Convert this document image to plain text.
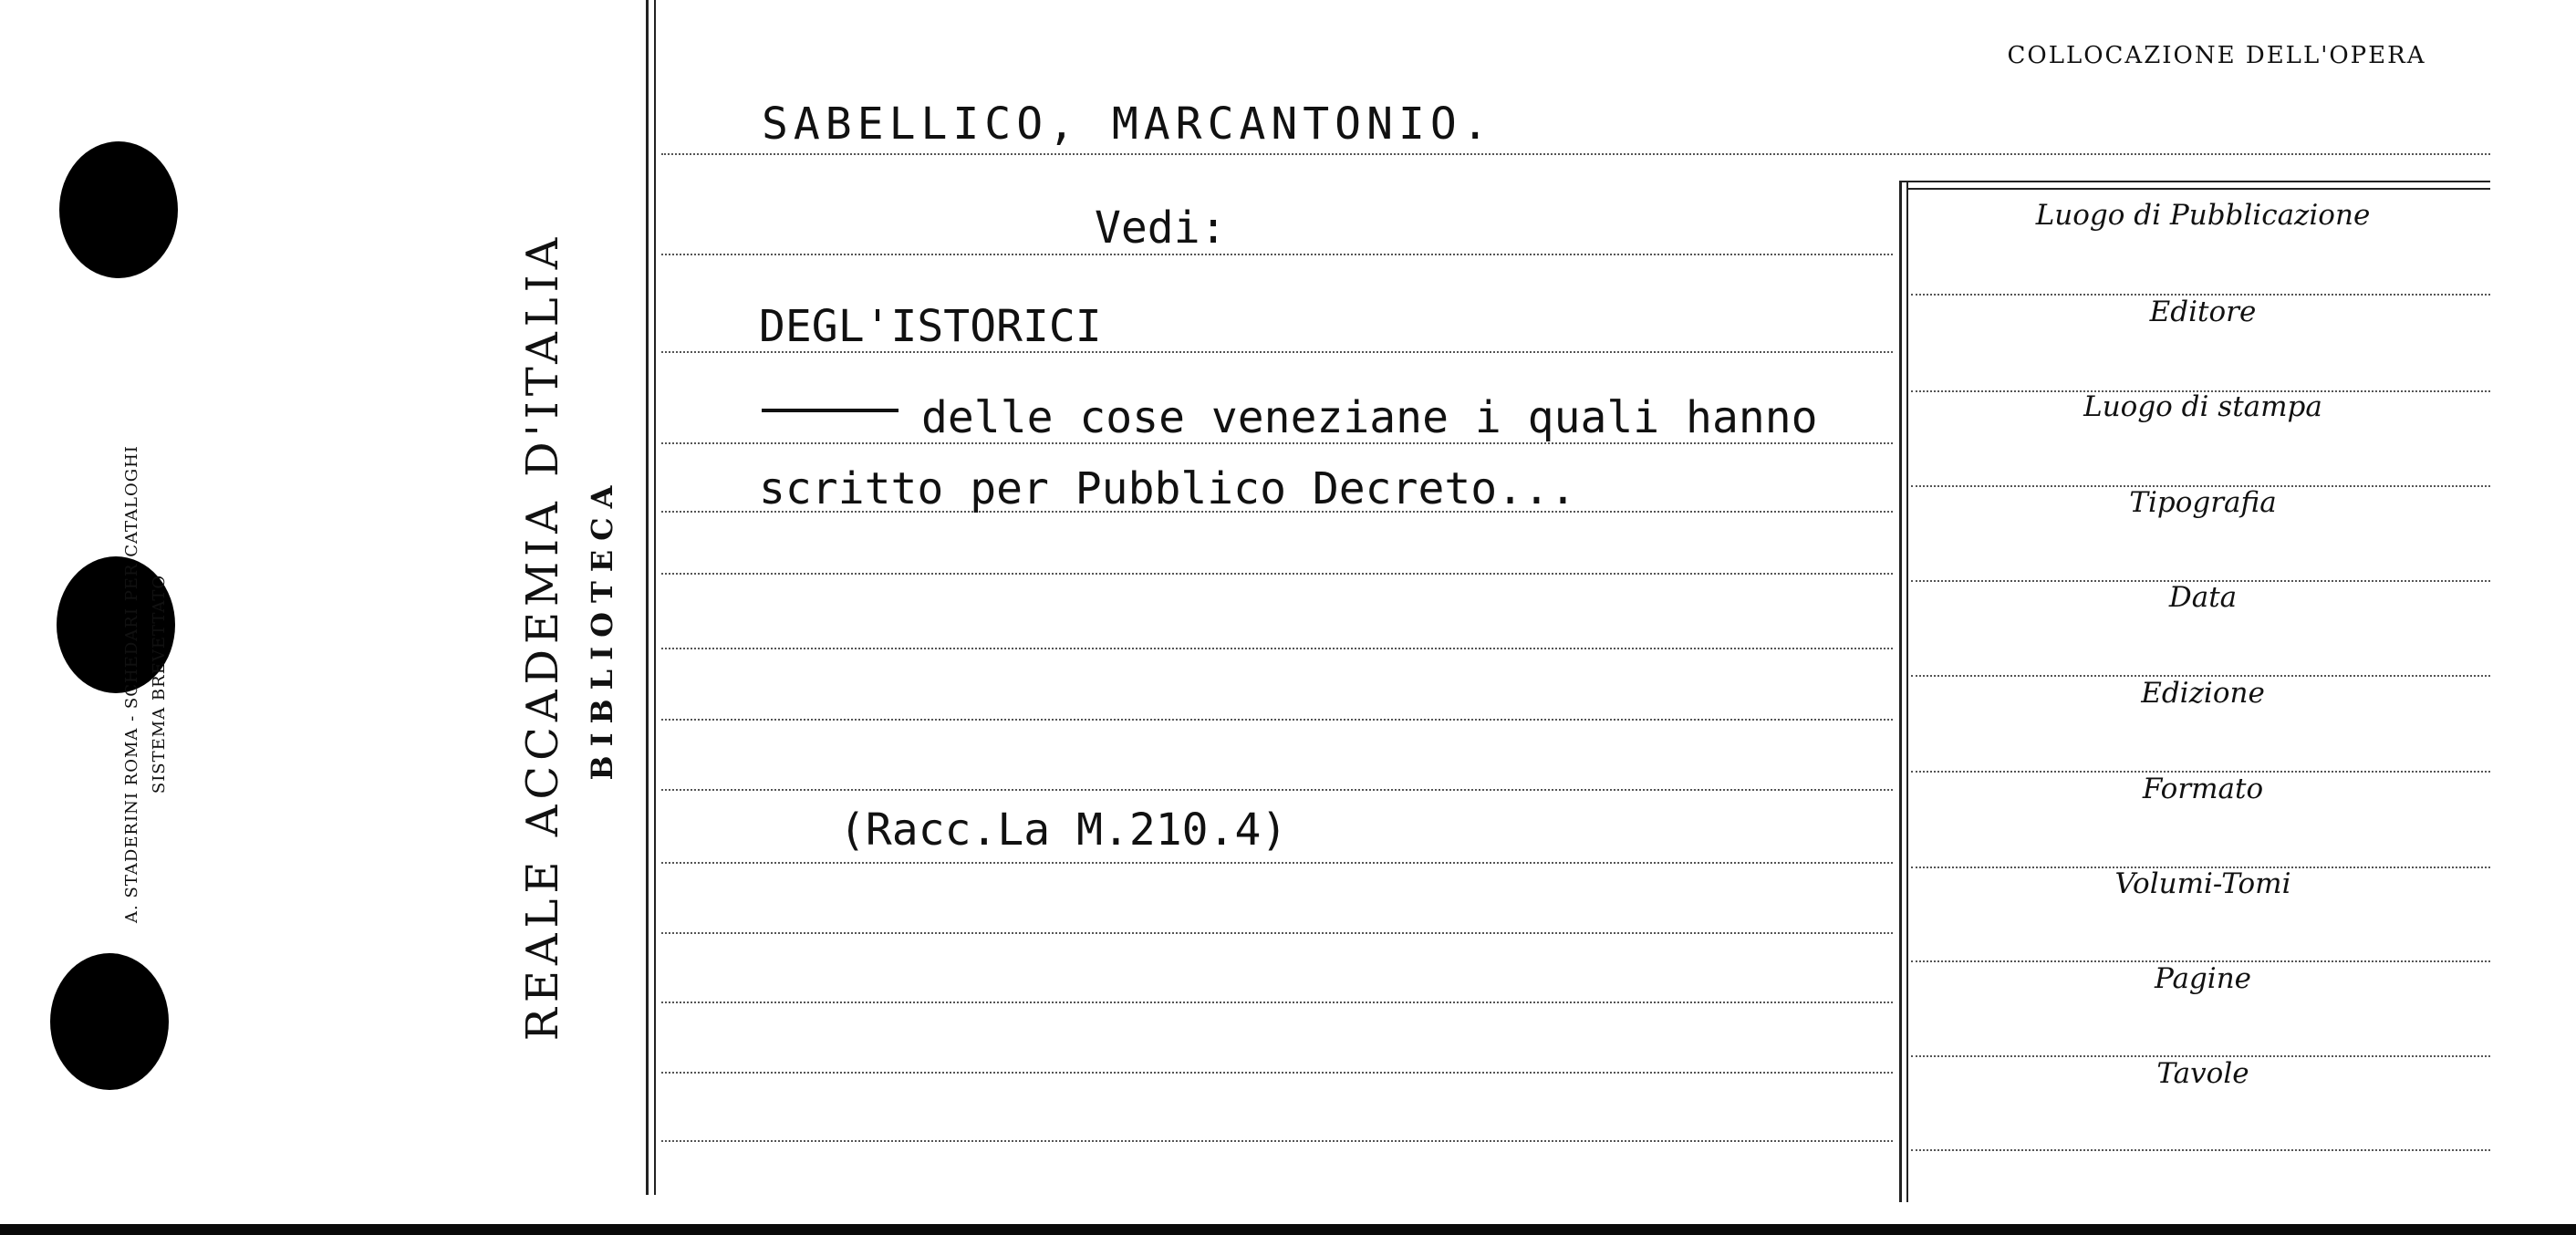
A. STADERINI ROMA - SCHEDARI PER CATALOGHI SISTEMA BREVETTATO	REALE ACCADEMIA D'ITALIA BIBLIOTECA
COLLOCAZIONE DELL'OPERA
Luogo di Pubblicazione
Editore
Luogo di stampa
Tipografia
Data
Edizione
Formato
Volumi-Tomi
Pagine
Tavole
SABELLICO, MARCANTONIO.
Vedi:
DEGL'ISTORICI
delle cose veneziane i quali hanno
scritto per Pubblico Decreto...
(Racc.La M.210.4)
